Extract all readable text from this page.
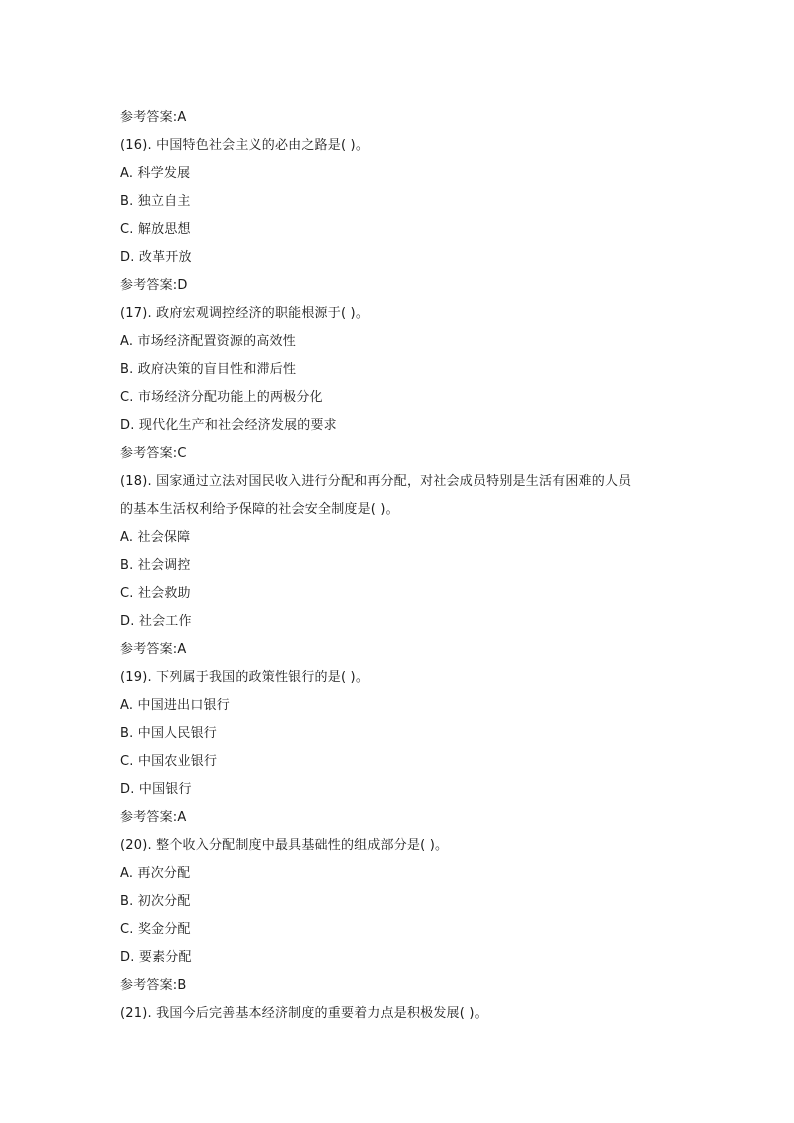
参考答案:A
(16). 中国特色社会主义的必由之路是( )。
A. 科学发展
B. 独立自主
C. 解放思想
D. 改革开放
参考答案:D
(17). 政府宏观调控经济的职能根源于( )。
A. 市场经济配置资源的高效性
B. 政府决策的盲目性和滞后性
C. 市场经济分配功能上的两极分化
D. 现代化生产和社会经济发展的要求
参考答案:C
(18). 国家通过立法对国民收入进行分配和再分配，对社会成员特别是生活有困难的人员
的基本生活权利给予保障的社会安全制度是( )。
A. 社会保障
B. 社会调控
C. 社会救助
D. 社会工作
参考答案:A
(19). 下列属于我国的政策性银行的是( )。
A. 中国进出口银行
B. 中国人民银行
C. 中国农业银行
D. 中国银行
参考答案:A
(20). 整个收入分配制度中最具基础性的组成部分是( )。
A. 再次分配
B. 初次分配
C. 奖金分配
D. 要素分配
参考答案:B
(21). 我国今后完善基本经济制度的重要着力点是积极发展( )。
